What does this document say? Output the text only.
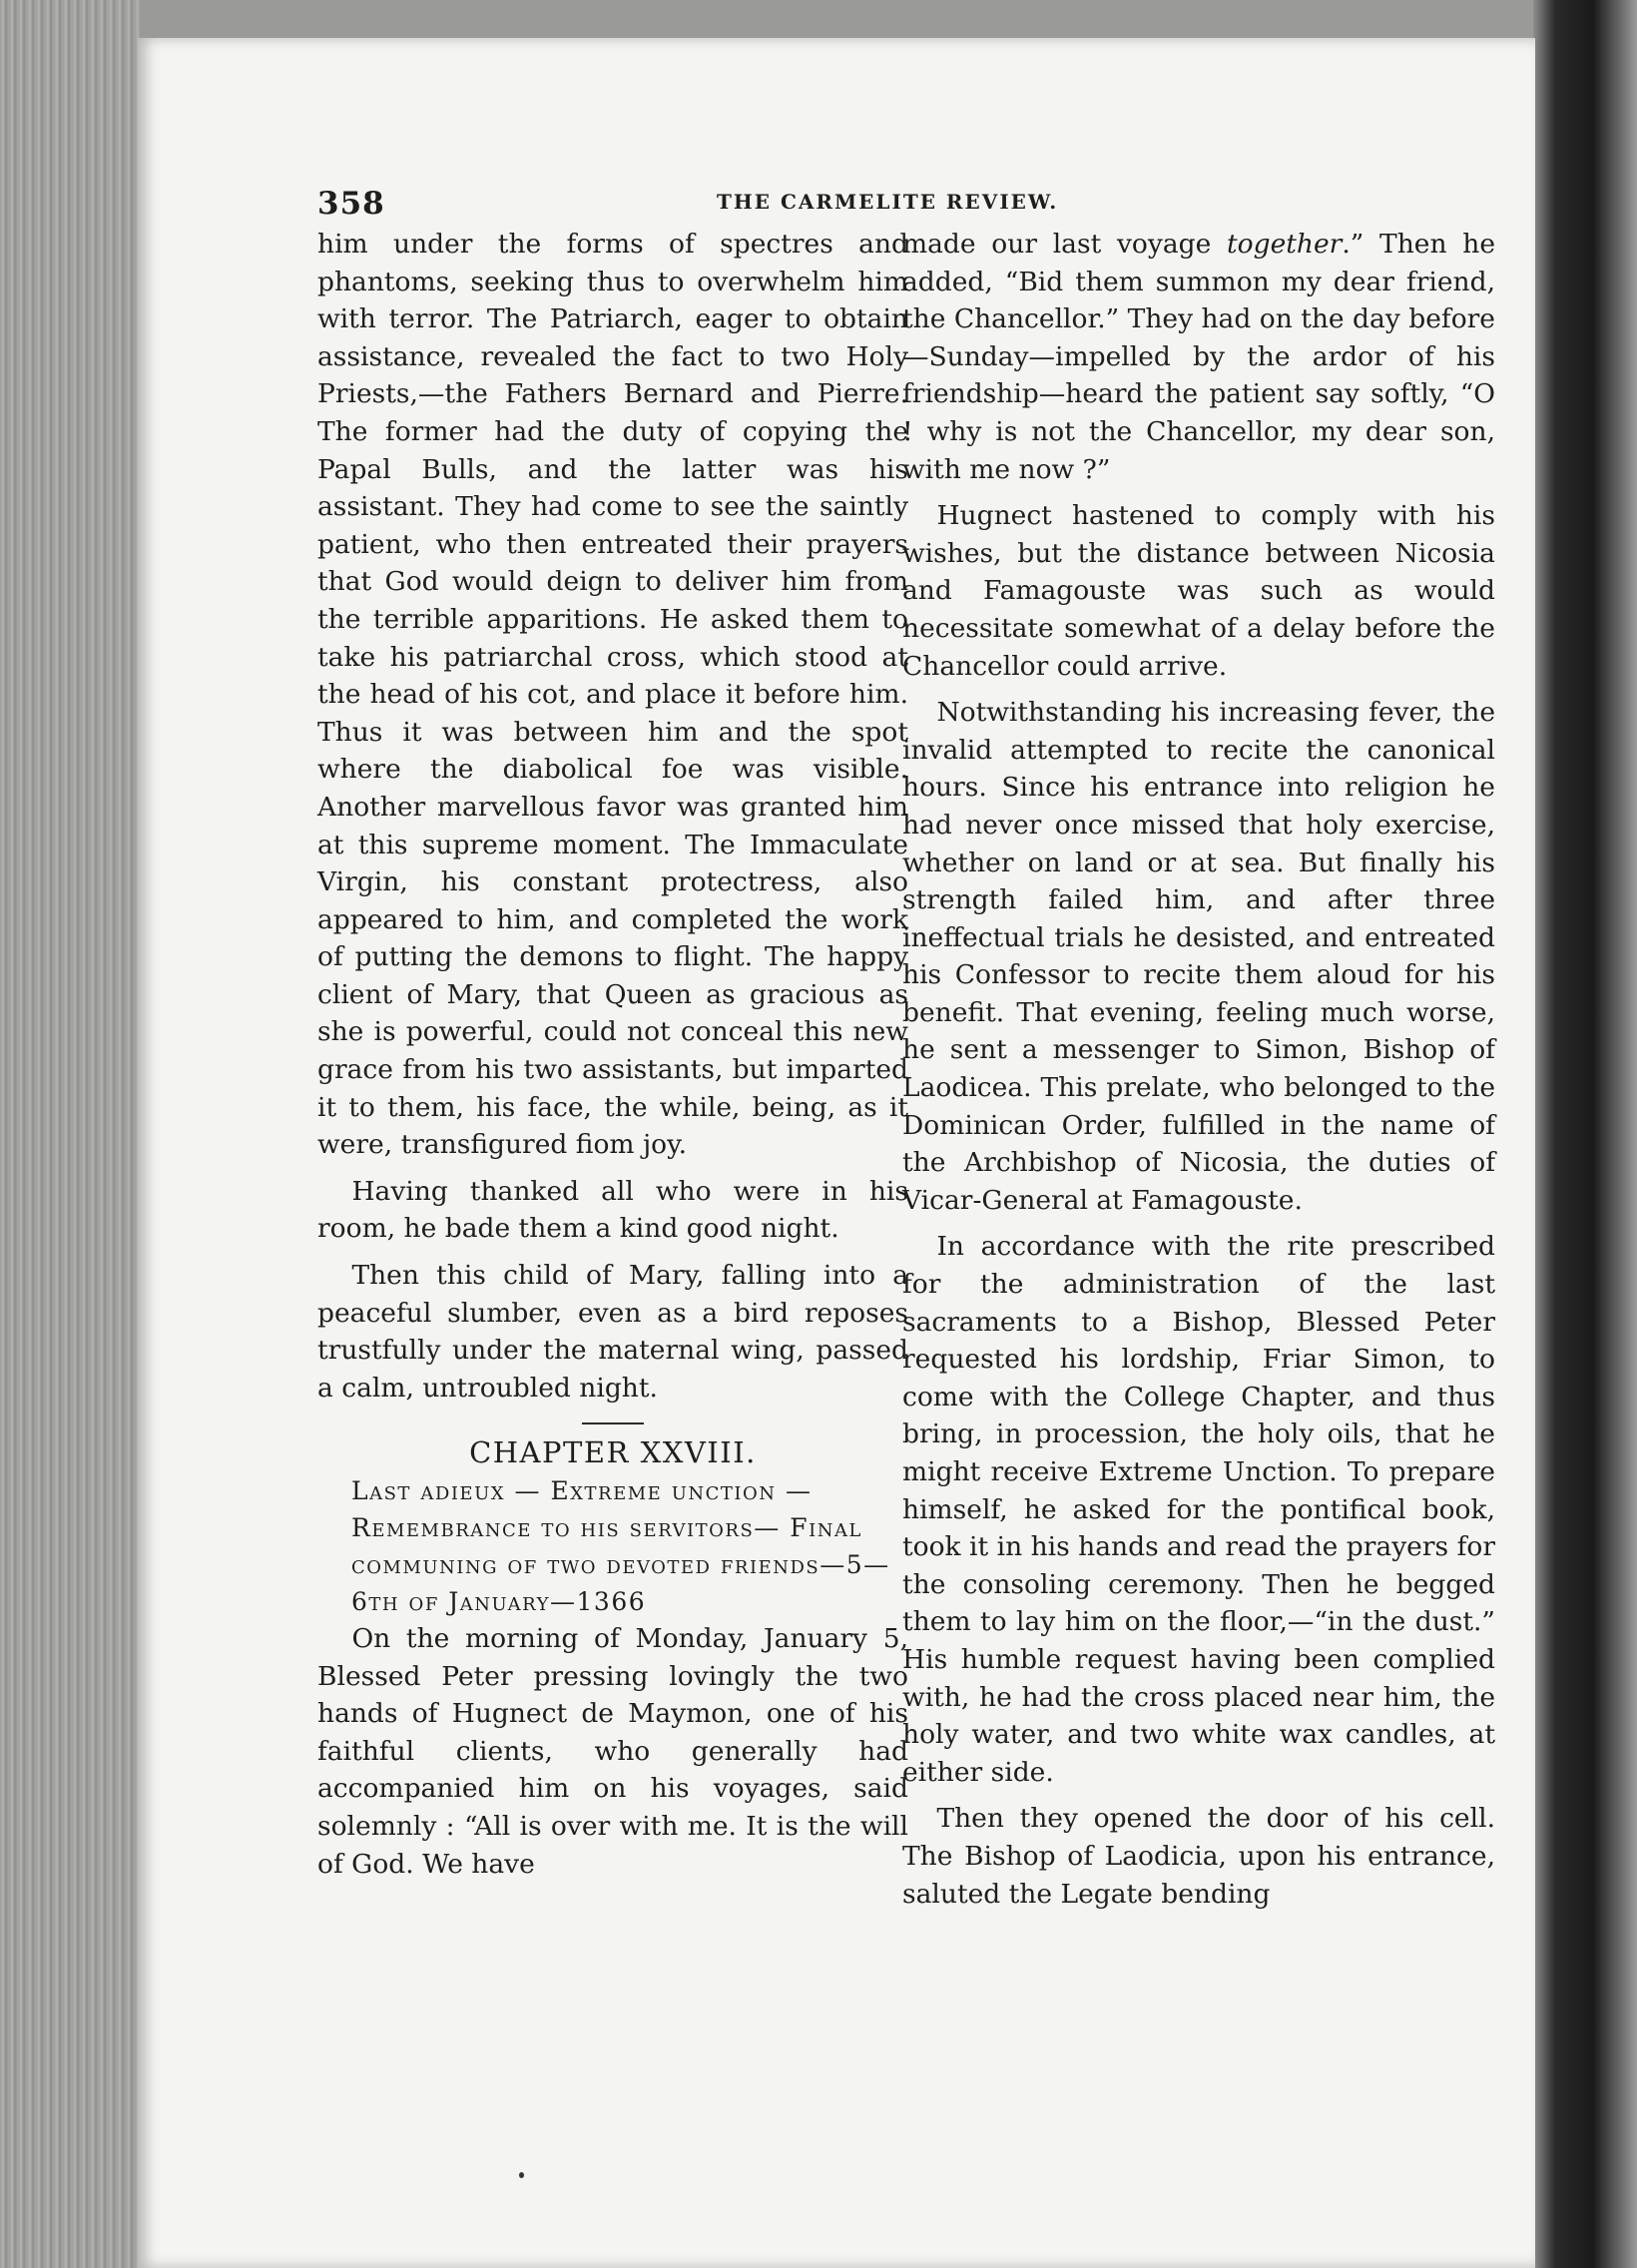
358	THE CARMELITE REVIEW.

him under the forms of spectres and phantoms, seeking thus to overwhelm him with terror. The Patriarch, eager to obtain assistance, revealed the fact to two Holy Priests,—the Fathers Bernard and Pierre. The former had the duty of copying the Papal Bulls, and the latter was his assistant. They had come to see the saintly patient, who then entreated their prayers that God would deign to deliver him from the terrible apparitions. He asked them to take his patriarchal cross, which stood at the head of his cot, and place it before him. Thus it was between him and the spot where the diabolical foe was visible. Another marvellous favor was granted him at this supreme moment. The Immaculate Virgin, his constant protectress, also appeared to him, and completed the work of putting the demons to flight. The happy client of Mary, that Queen as gracious as she is powerful, could not conceal this new grace from his two assistants, but imparted it to them, his face, the while, being, as it were, transfigured fiom joy.

Having thanked all who were in his room, he bade them a kind good night.

Then this child of Mary, falling into a peaceful slumber, even as a bird reposes trustfully under the maternal wing, passed a calm, untroubled night.

CHAPTER XXVIII.

Last adieux — Extreme unction — Remembrance to his servitors— Final communing of two devoted friends—5—6th of January—1366

On the morning of Monday, January 5, Blessed Peter pressing lovingly the two hands of Hugnect de Maymon, one of his faithful clients, who generally had accompanied him on his voyages, said solemnly : “All is over with me. It is the will of God. We have

made our last voyage together.” Then he added, “Bid them summon my dear friend, the Chancellor.” They had on the day before—Sunday—impelled by the ardor of his friendship—heard the patient say softly, “O ! why is not the Chancellor, my dear son, with me now ?”

Hugnect hastened to comply with his wishes, but the distance between Nicosia and Famagouste was such as would necessitate somewhat of a delay before the Chancellor could arrive.

Notwithstanding his increasing fever, the invalid attempted to recite the canonical hours. Since his entrance into religion he had never once missed that holy exercise, whether on land or at sea. But finally his strength failed him, and after three ineffectual trials he desisted, and entreated his Confessor to recite them aloud for his benefit. That evening, feeling much worse, he sent a messenger to Simon, Bishop of Laodicea. This prelate, who belonged to the Dominican Order, fulfilled in the name of the Archbishop of Nicosia, the duties of Vicar-General at Famagouste.

In accordance with the rite prescribed for the administration of the last sacraments to a Bishop, Blessed Peter requested his lordship, Friar Simon, to come with the College Chapter, and thus bring, in procession, the holy oils, that he might receive Extreme Unction. To prepare himself, he asked for the pontifical book, took it in his hands and read the prayers for the consoling ceremony. Then he begged them to lay him on the floor,—“in the dust.” His humble request having been complied with, he had the cross placed near him, the holy water, and two white wax candles, at either side.

Then they opened the door of his cell. The Bishop of Laodicia, upon his entrance, saluted the Legate bending
